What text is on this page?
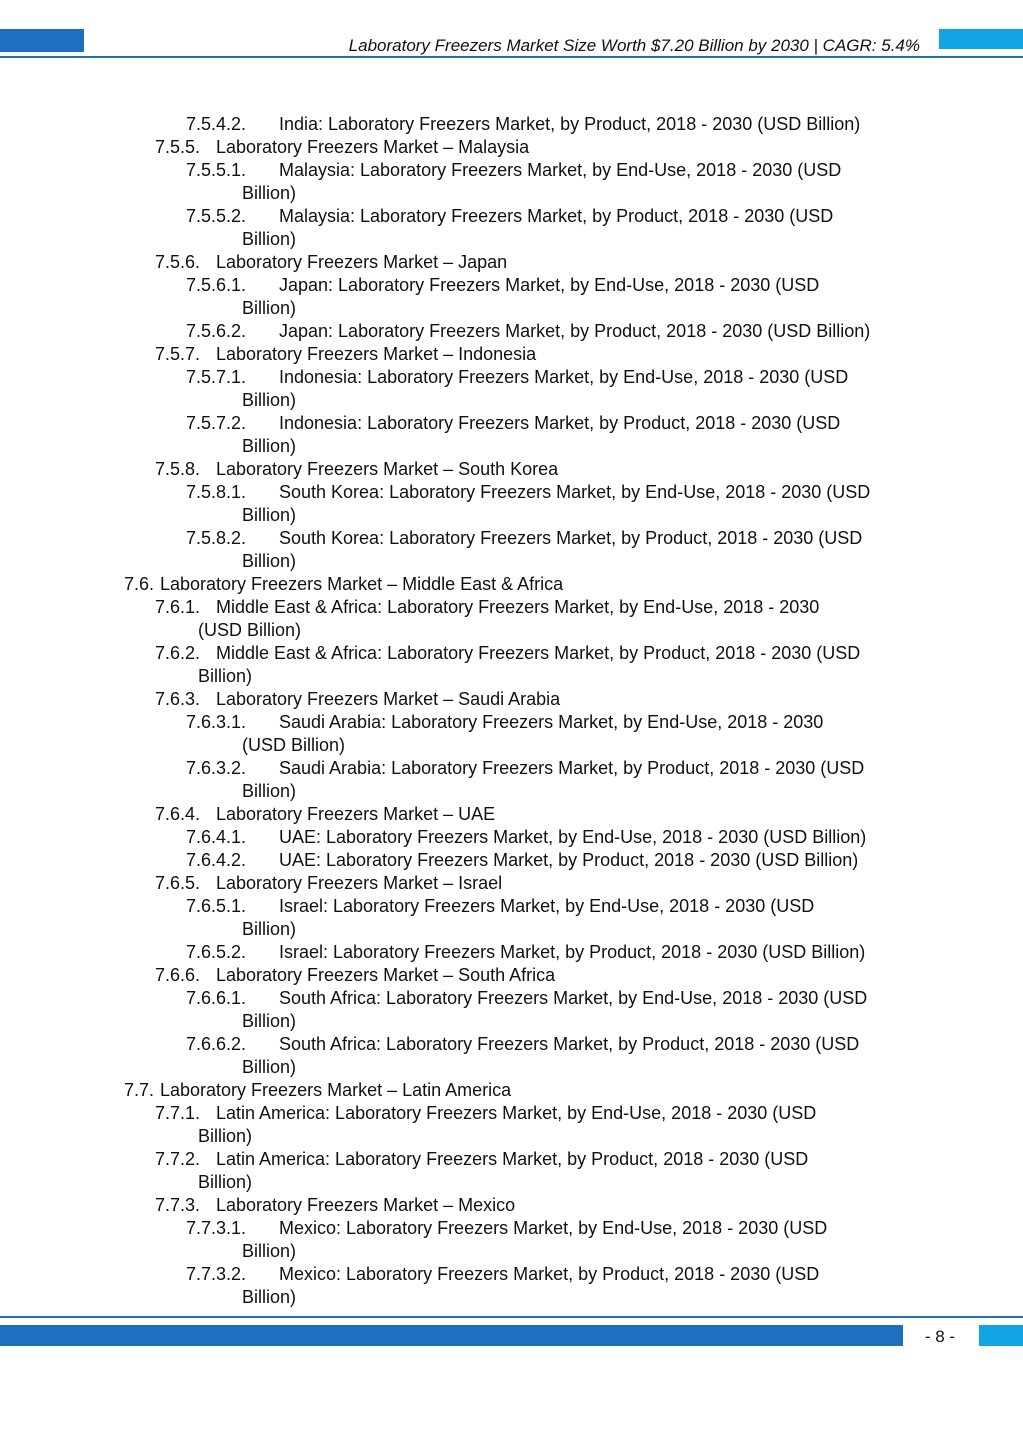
Laboratory Freezers Market Size Worth $7.20 Billion by 2030 | CAGR: 5.4%
7.5.4.2. India: Laboratory Freezers Market, by Product, 2018 - 2030 (USD Billion)
7.5.5. Laboratory Freezers Market – Malaysia
7.5.5.1. Malaysia: Laboratory Freezers Market, by End-Use, 2018 - 2030 (USD
Billion)
7.5.5.2. Malaysia: Laboratory Freezers Market, by Product, 2018 - 2030 (USD
Billion)
7.5.6. Laboratory Freezers Market – Japan
7.5.6.1. Japan: Laboratory Freezers Market, by End-Use, 2018 - 2030 (USD
Billion)
7.5.6.2. Japan: Laboratory Freezers Market, by Product, 2018 - 2030 (USD Billion)
7.5.7. Laboratory Freezers Market – Indonesia
7.5.7.1. Indonesia: Laboratory Freezers Market, by End-Use, 2018 - 2030 (USD
Billion)
7.5.7.2. Indonesia: Laboratory Freezers Market, by Product, 2018 - 2030 (USD
Billion)
7.5.8. Laboratory Freezers Market – South Korea
7.5.8.1. South Korea: Laboratory Freezers Market, by End-Use, 2018 - 2030 (USD
Billion)
7.5.8.2. South Korea: Laboratory Freezers Market, by Product, 2018 - 2030 (USD
Billion)
7.6. Laboratory Freezers Market – Middle East & Africa
7.6.1. Middle East & Africa: Laboratory Freezers Market, by End-Use, 2018 - 2030
(USD Billion)
7.6.2. Middle East & Africa: Laboratory Freezers Market, by Product, 2018 - 2030 (USD
Billion)
7.6.3. Laboratory Freezers Market – Saudi Arabia
7.6.3.1. Saudi Arabia: Laboratory Freezers Market, by End-Use, 2018 - 2030
(USD Billion)
7.6.3.2. Saudi Arabia: Laboratory Freezers Market, by Product, 2018 - 2030 (USD
Billion)
7.6.4. Laboratory Freezers Market – UAE
7.6.4.1. UAE: Laboratory Freezers Market, by End-Use, 2018 - 2030 (USD Billion)
7.6.4.2. UAE: Laboratory Freezers Market, by Product, 2018 - 2030 (USD Billion)
7.6.5. Laboratory Freezers Market – Israel
7.6.5.1. Israel: Laboratory Freezers Market, by End-Use, 2018 - 2030 (USD
Billion)
7.6.5.2. Israel: Laboratory Freezers Market, by Product, 2018 - 2030 (USD Billion)
7.6.6. Laboratory Freezers Market – South Africa
7.6.6.1. South Africa: Laboratory Freezers Market, by End-Use, 2018 - 2030 (USD
Billion)
7.6.6.2. South Africa: Laboratory Freezers Market, by Product, 2018 - 2030 (USD
Billion)
7.7. Laboratory Freezers Market – Latin America
7.7.1. Latin America: Laboratory Freezers Market, by End-Use, 2018 - 2030 (USD
Billion)
7.7.2. Latin America: Laboratory Freezers Market, by Product, 2018 - 2030 (USD
Billion)
7.7.3. Laboratory Freezers Market – Mexico
7.7.3.1. Mexico: Laboratory Freezers Market, by End-Use, 2018 - 2030 (USD
Billion)
7.7.3.2. Mexico: Laboratory Freezers Market, by Product, 2018 - 2030 (USD
Billion)
- 8 -
